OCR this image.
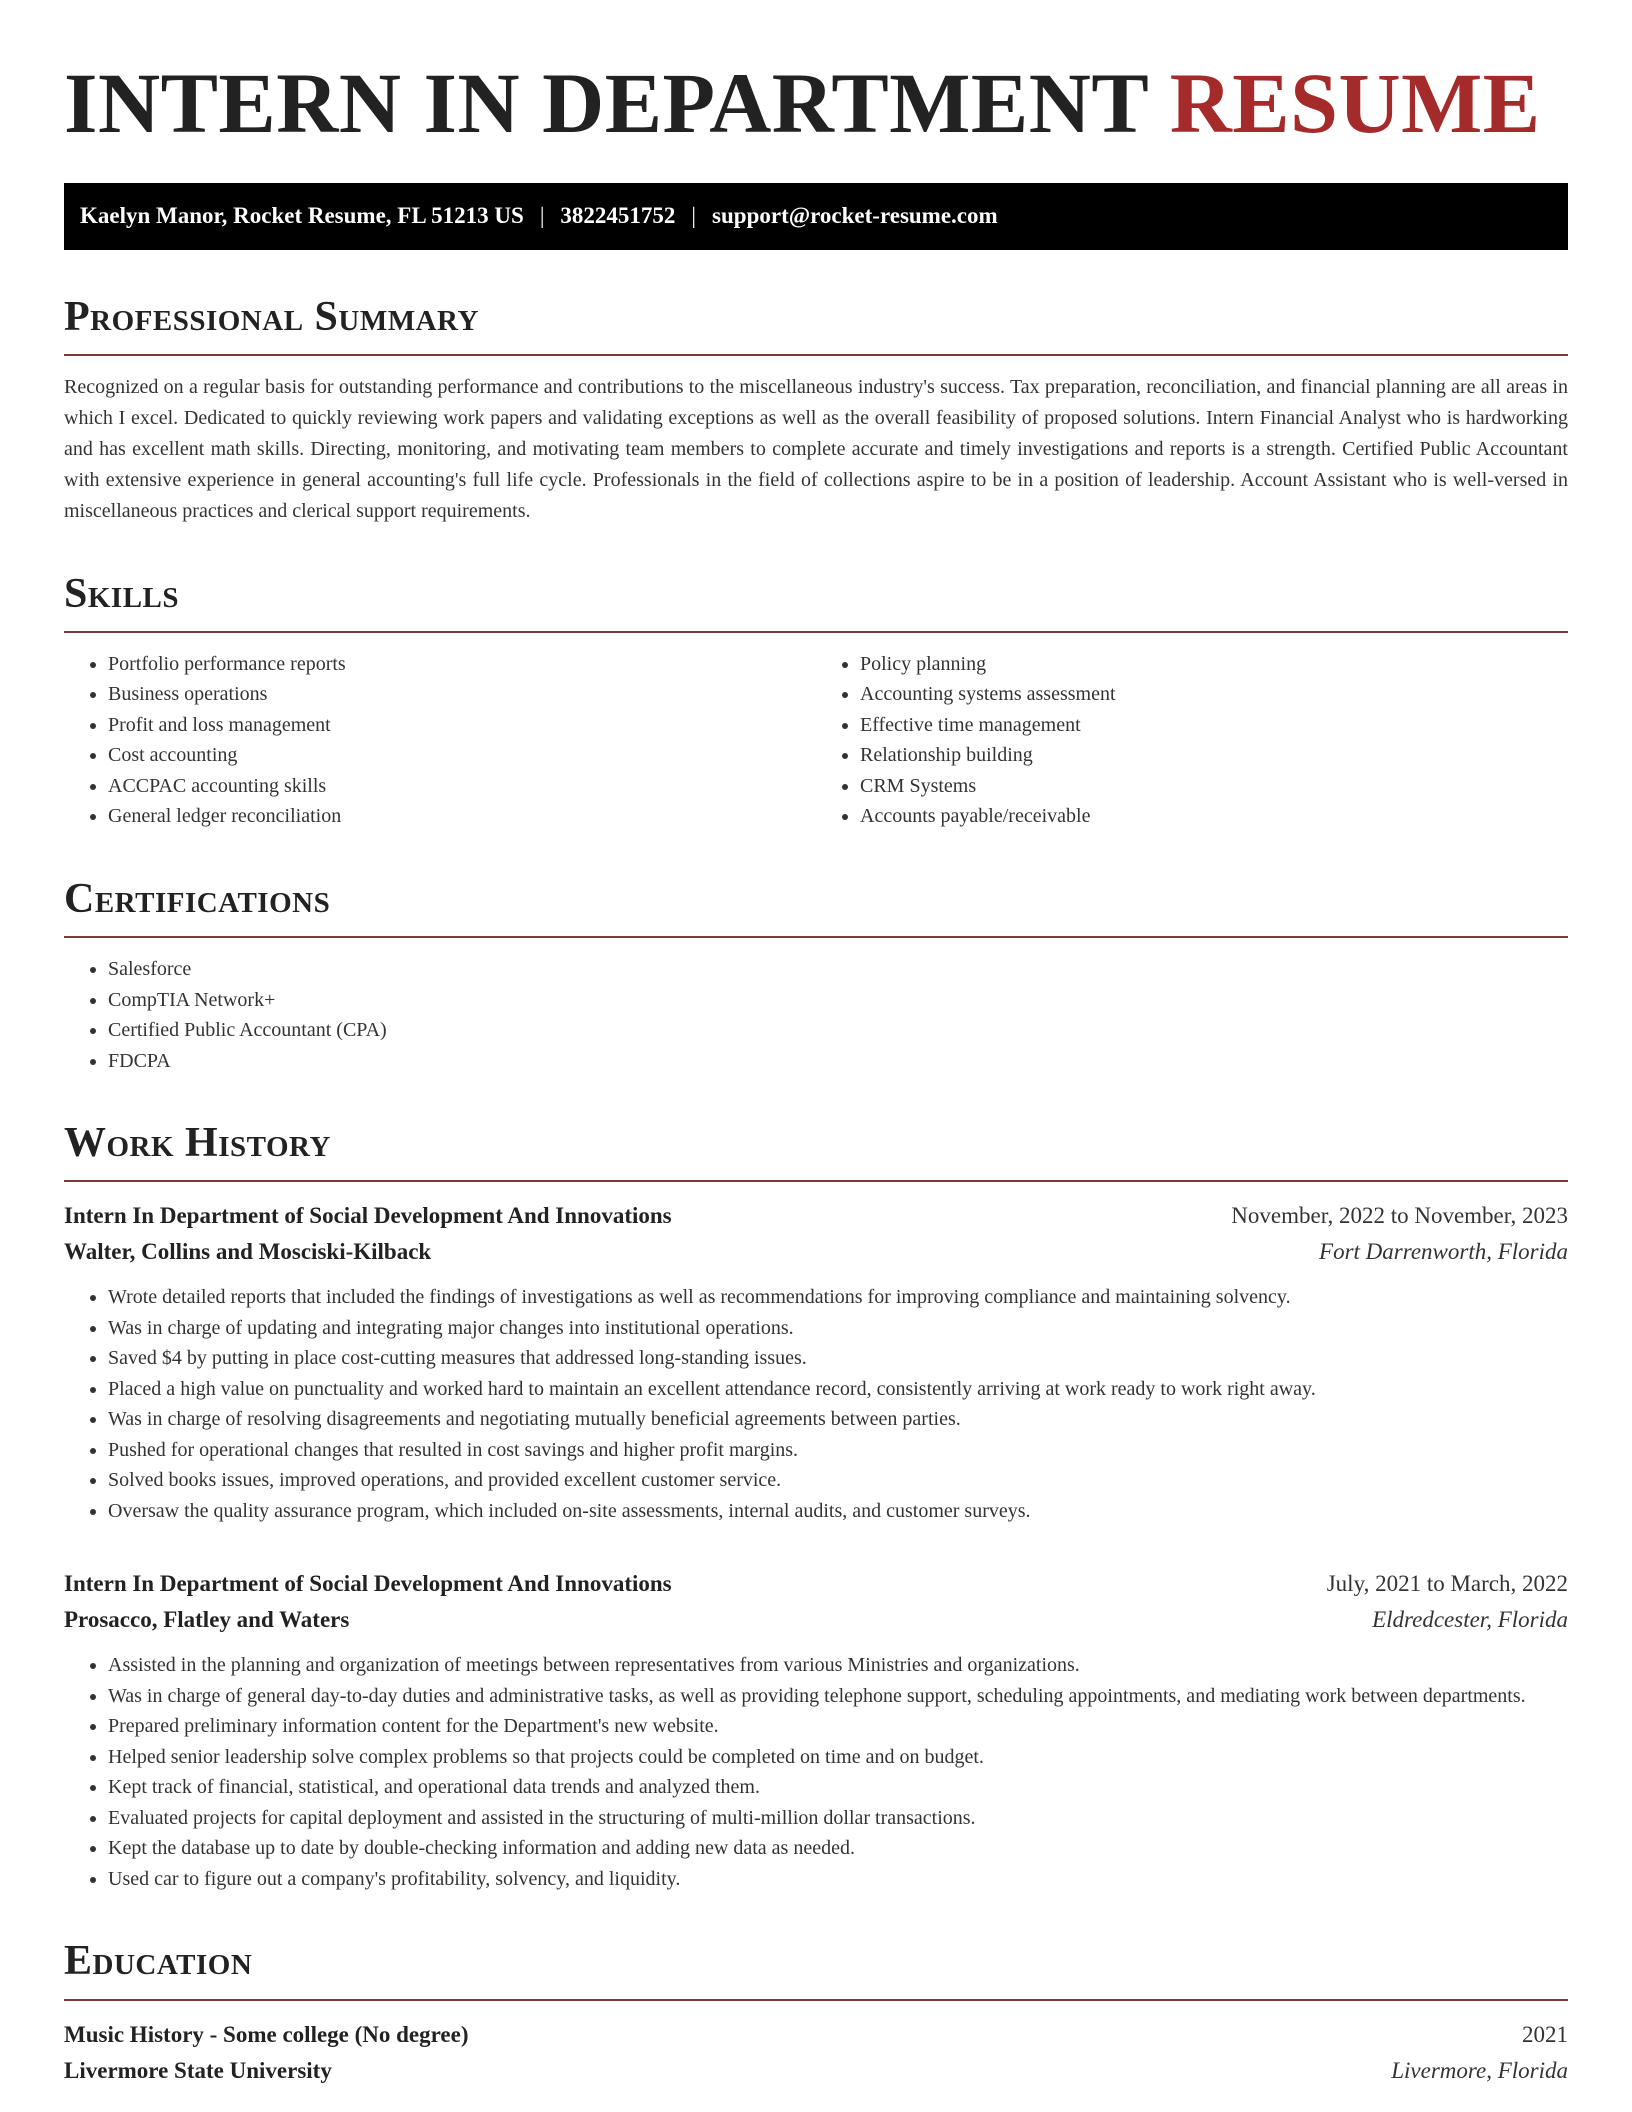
INTERN IN DEPARTMENT RESUME
Kaelyn Manor, Rocket Resume, FL 51213 US | 3822451752 | support@rocket-resume.com
Professional Summary

Recognized on a regular basis for outstanding performance and contributions to the miscellaneous industry's success. Tax preparation, reconciliation, and financial planning are all areas in which I excel. Dedicated to quickly reviewing work papers and validating exceptions as well as the overall feasibility of proposed solutions. Intern Financial Analyst who is hardworking and has excellent math skills. Directing, monitoring, and motivating team members to complete accurate and timely investigations and reports is a strength. Certified Public Accountant with extensive experience in general accounting's full life cycle. Professionals in the field of collections aspire to be in a position of leadership. Account Assistant who is well-versed in miscellaneous practices and clerical support requirements.

Skills
• Portfolio performance reports
• Business operations
• Profit and loss management
• Cost accounting
• ACCPAC accounting skills
• General ledger reconciliation
• Policy planning
• Accounting systems assessment
• Effective time management
• Relationship building
• CRM Systems
• Accounts payable/receivable
Certifications
• Salesforce
• CompTIA Network+
• Certified Public Accountant (CPA)
• FDCPA
Work History
Intern In Department of Social Development And Innovations	November, 2022 to November, 2023
Walter, Collins and Mosciski-Kilback	Fort Darrenworth, Florida
• Wrote detailed reports that included the findings of investigations as well as recommendations for improving compliance and maintaining solvency.
• Was in charge of updating and integrating major changes into institutional operations.
• Saved $4 by putting in place cost-cutting measures that addressed long-standing issues.
• Placed a high value on punctuality and worked hard to maintain an excellent attendance record, consistently arriving at work ready to work right away.
• Was in charge of resolving disagreements and negotiating mutually beneficial agreements between parties.
• Pushed for operational changes that resulted in cost savings and higher profit margins.
• Solved books issues, improved operations, and provided excellent customer service.
• Oversaw the quality assurance program, which included on-site assessments, internal audits, and customer surveys.
Intern In Department of Social Development And Innovations	July, 2021 to March, 2022
Prosacco, Flatley and Waters	Eldredcester, Florida
• Assisted in the planning and organization of meetings between representatives from various Ministries and organizations.
• Was in charge of general day-to-day duties and administrative tasks, as well as providing telephone support, scheduling appointments, and mediating work between departments.
• Prepared preliminary information content for the Department's new website.
• Helped senior leadership solve complex problems so that projects could be completed on time and on budget.
• Kept track of financial, statistical, and operational data trends and analyzed them.
• Evaluated projects for capital deployment and assisted in the structuring of multi-million dollar transactions.
• Kept the database up to date by double-checking information and adding new data as needed.
• Used car to figure out a company's profitability, solvency, and liquidity.
Education
Music History - Some college (No degree)	2021
Livermore State University	Livermore, Florida
